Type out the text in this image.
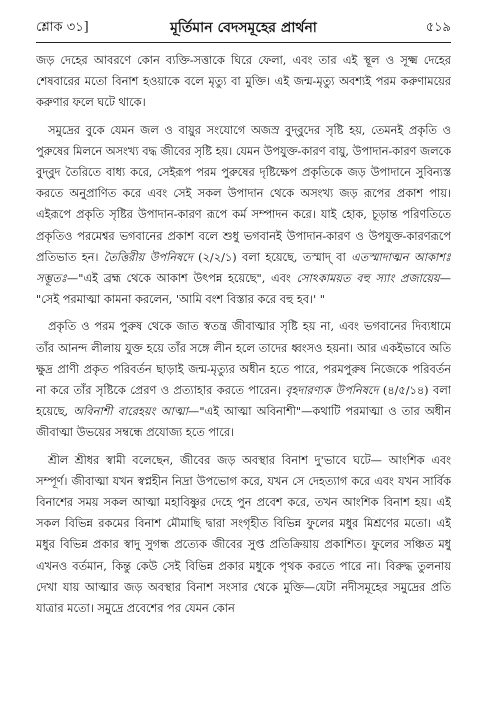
শ্লোক ৩১]	মূর্তিমান বেদসমূহের প্রার্থনা	৫১৯

জড় দেহের আবরণে কোন ব্যক্তি-সত্তাকে ঘিরে ফেলা, এবং তার এই স্থূল ও সূক্ষ্ম দেহের শেষবারের মতো বিনাশ হওয়াকে বলে মৃত্যু বা মুক্তি। এই জন্ম-মৃত্যু অবশ্যই পরম করুণাময়ের করুণার ফলে ঘটে থাকে।

সমুদ্রের বুকে যেমন জল ও বায়ুর সংযোগে অজস্র বুদ্‌বুদের সৃষ্টি হয়, তেমনই প্রকৃতি ও পুরুষের মিলনে অসংখ্য বদ্ধ জীবের সৃষ্টি হয়। যেমন উপযুক্ত-কারণ বায়ু, উপাদান-কারণ জলকে বুদ্‌বুদ তৈরিতে বাধ্য করে, সেইরূপ পরম পুরুষের দৃষ্টিক্ষেপ প্রকৃতিকে জড় উপাদানে সুবিন্যস্ত করতে অনুপ্রাণিত করে এবং সেই সকল উপাদান থেকে অসংখ্য জড় রূপের প্রকাশ পায়। এইরূপে প্রকৃতি সৃষ্টির উপাদান-কারণ রূপে কর্ম সম্পাদন করে। যাই হোক, চূড়ান্ত পরিণতিতে প্রকৃতিও পরমেশ্বর ভগবানের প্রকাশ বলে শুধু ভগবানই উপাদান-কারণ ও উপযুক্ত-কারণরূপে প্রতিভাত হন। তৈত্তিরীয় উপনিষদে (২/২/১) বলা হয়েছে, তস্মাদ্‌ বা এতস্মাদাত্মন আকাশঃ সম্ভূতঃ—"এই ব্রহ্ম থেকে আকাশ উৎপন্ন হয়েছে", এবং সোঽকাময়ত বহু স্যাং প্রজায়েয়— "সেই পরমাত্মা কামনা করলেন, 'আমি বংশ বিস্তার করে বহু হব।' "

প্রকৃতি ও পরম পুরুষ থেকে জাত স্বতন্ত্র জীবাত্মার সৃষ্টি হয় না, এবং ভগবানের দিব্যধামে তাঁর আনন্দ লীলায় যুক্ত হয়ে তাঁর সঙ্গে লীন হলে তাদের ধ্বংসও হয়না। আর একইভাবে অতি ক্ষুদ্র প্রাণী প্রকৃত পরিবর্তন ছাড়াই জন্ম-মৃত্যুর অধীন হতে পারে, পরমপুরুষ নিজেকে পরিবর্তন না করে তাঁর সৃষ্টিকে প্রেরণ ও প্রত্যাহার করতে পারেন। বৃহদারণ্যক উপনিষদে (৪/৫/১৪) বলা হয়েছে, অবিনাশী বারেহয়ং আত্মা—"এই আত্মা অবিনাশী"—কথাটি পরমাত্মা ও তার অধীন জীবাত্মা উভয়ের সম্বন্ধে প্রযোজ্য হতে পারে।

শ্রীল শ্রীধর স্বামী বলেছেন, জীবের জড় অবস্থার বিনাশ দু'ভাবে ঘটে— আংশিক এবং সম্পূর্ণ। জীবাত্মা যখন স্বপ্নহীন নিদ্রা উপভোগ করে, যখন সে দেহত্যাগ করে এবং যখন সার্বিক বিনাশের সময় সকল আত্মা মহাবিষ্ণুর দেহে পুন প্রবেশ করে, তখন আংশিক বিনাশ হয়। এই সকল বিভিন্ন রকমের বিনাশ মৌমাছি দ্বারা সংগৃহীত বিভিন্ন ফুলের মধুর মিশ্রণের মতো। এই মধুর বিভিন্ন প্রকার স্বাদু সুগন্ধ প্রত্যেক জীবের সুপ্ত প্রতিক্রিয়ায় প্রকাশিত। ফুলের সঞ্চিত মধু এখনও বর্তমান, কিন্তু কেউ সেই বিভিন্ন প্রকার মধুকে পৃথক করতে পারে না। বিরুদ্ধ তুলনায় দেখা যায় আত্মার জড় অবস্থার বিনাশ সংসার থেকে মুক্তি—যেটা নদীসমূহের সমুদ্রের প্রতি যাত্রার মতো। সমুদ্রে প্রবেশের পর যেমন কোন
